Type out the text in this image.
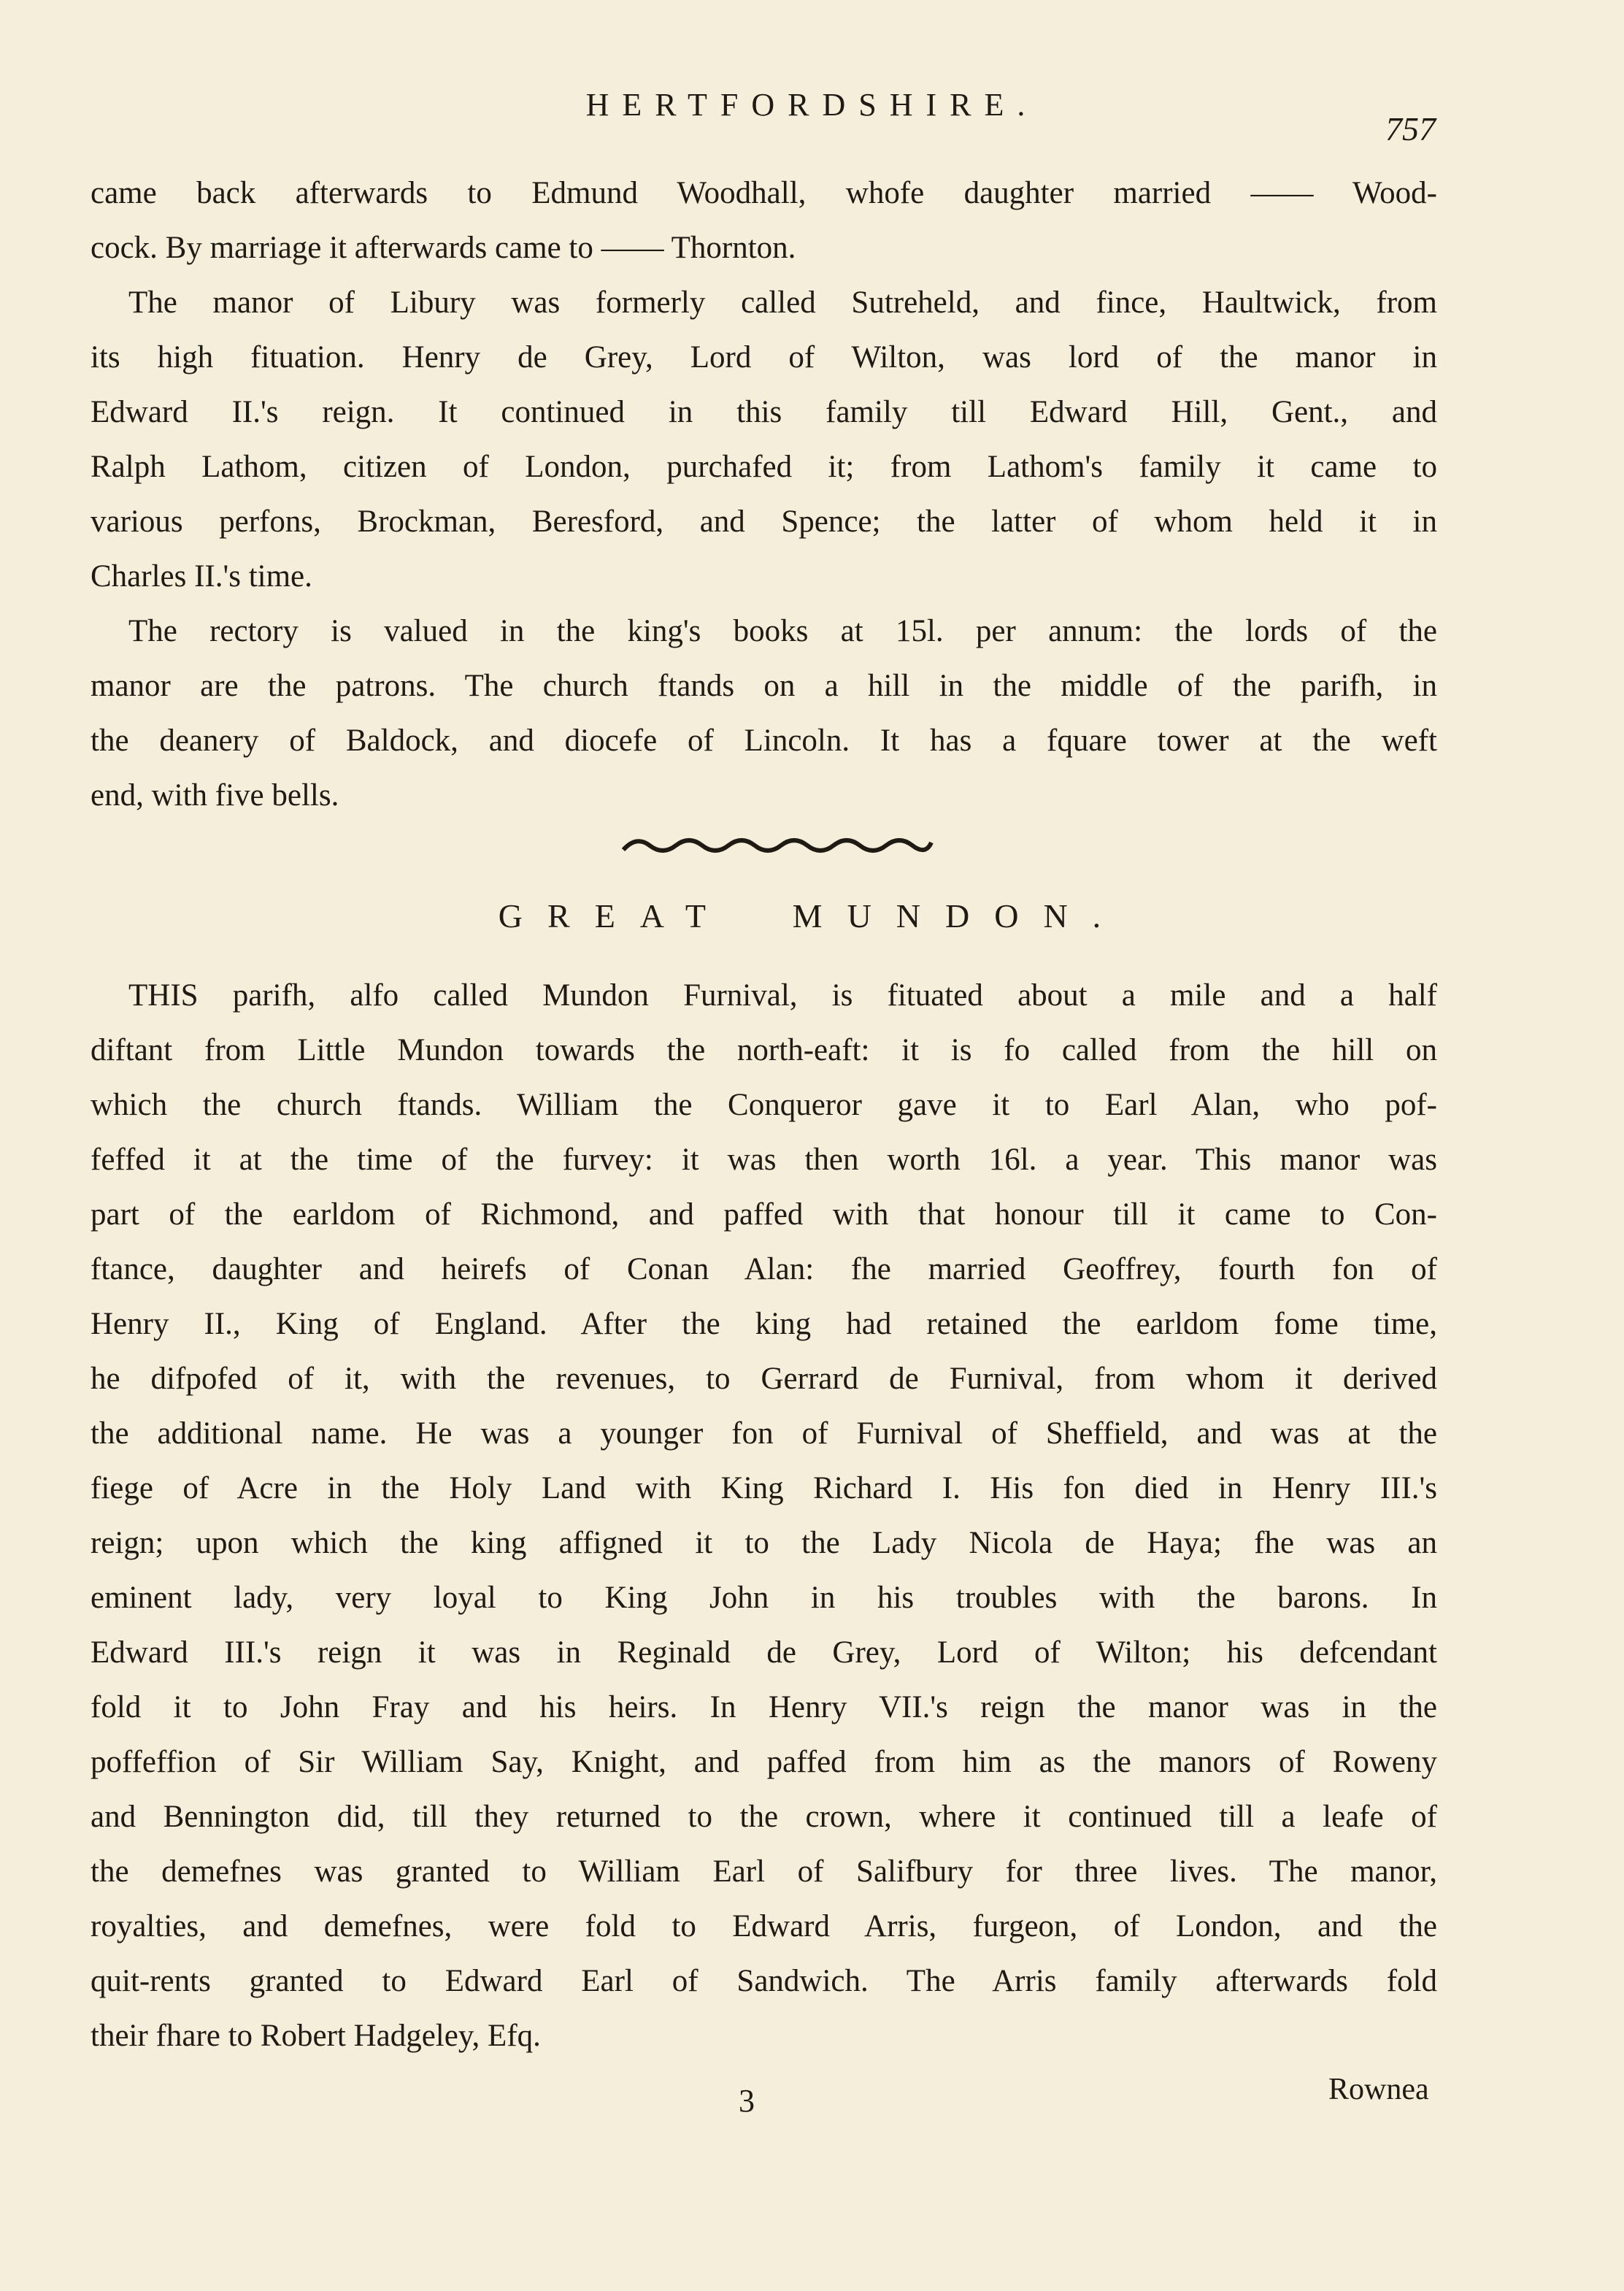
HERTFORDSHIRE.
757
came back afterwards to Edmund Woodhall, whofe daughter married —— Wood-
cock. By marriage it afterwards came to —— Thornton.
The manor of Libury was formerly called Sutreheld, and fince, Haultwick, from
its high fituation. Henry de Grey, Lord of Wilton, was lord of the manor in
Edward II.'s reign. It continued in this family till Edward Hill, Gent., and
Ralph Lathom, citizen of London, purchafed it; from Lathom's family it came to
various perfons, Brockman, Beresford, and Spence; the latter of whom held it in
Charles II.'s time.
The rectory is valued in the king's books at 15l. per annum: the lords of the
manor are the patrons. The church ftands on a hill in the middle of the parifh, in
the deanery of Baldock, and diocefe of Lincoln. It has a fquare tower at the weft
end, with five bells.
GREAT MUNDON.
THIS parifh, alfo called Mundon Furnival, is fituated about a mile and a half
diftant from Little Mundon towards the north-eaft: it is fo called from the hill on
which the church ftands. William the Conqueror gave it to Earl Alan, who pof-
feffed it at the time of the furvey: it was then worth 16l. a year. This manor was
part of the earldom of Richmond, and paffed with that honour till it came to Con-
ftance, daughter and heirefs of Conan Alan: fhe married Geoffrey, fourth fon of
Henry II., King of England. After the king had retained the earldom fome time,
he difpofed of it, with the revenues, to Gerrard de Furnival, from whom it derived
the additional name. He was a younger fon of Furnival of Sheffield, and was at the
fiege of Acre in the Holy Land with King Richard I. His fon died in Henry III.'s
reign; upon which the king affigned it to the Lady Nicola de Haya; fhe was an
eminent lady, very loyal to King John in his troubles with the barons. In
Edward III.'s reign it was in Reginald de Grey, Lord of Wilton; his defcendant
fold it to John Fray and his heirs. In Henry VII.'s reign the manor was in the
poffeffion of Sir William Say, Knight, and paffed from him as the manors of Roweny
and Bennington did, till they returned to the crown, where it continued till a leafe of
the demefnes was granted to William Earl of Salifbury for three lives. The manor,
royalties, and demefnes, were fold to Edward Arris, furgeon, of London, and the
quit-rents granted to Edward Earl of Sandwich. The Arris family afterwards fold
their fhare to Robert Hadgeley, Efq.
3	Rownea
